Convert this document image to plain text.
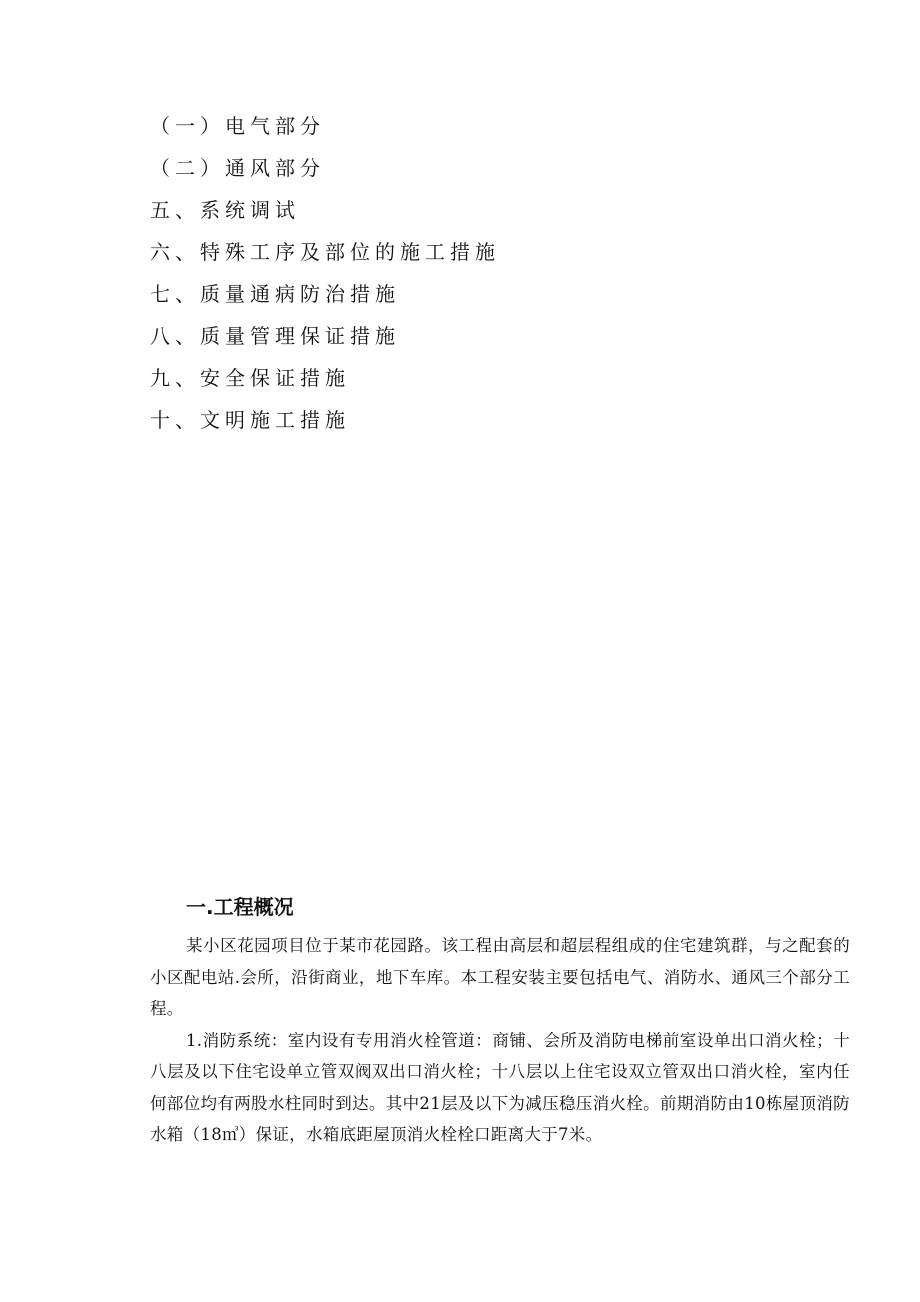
（一）电气部分
（二）通风部分
五、系统调试
六、特殊工序及部位的施工措施
七、质量通病防治措施
八、质量管理保证措施
九、安全保证措施
十、文明施工措施
一.工程概况

某小区花园项目位于某市花园路。该工程由高层和超层程组成的住宅建筑群，与之配套的小区配电站.会所，沿街商业，地下车库。本工程安装主要包括电气、消防水、通风三个部分工程。

1.消防系统：室内设有专用消火栓管道：商铺、会所及消防电梯前室设单出口消火栓；十八层及以下住宅设单立管双阀双出口消火栓；十八层以上住宅设双立管双出口消火栓，室内任何部位均有两股水柱同时到达。其中21层及以下为减压稳压消火栓。前期消防由10栋屋顶消防水箱（18㎥）保证，水箱底距屋顶消火栓栓口距离大于7米。
